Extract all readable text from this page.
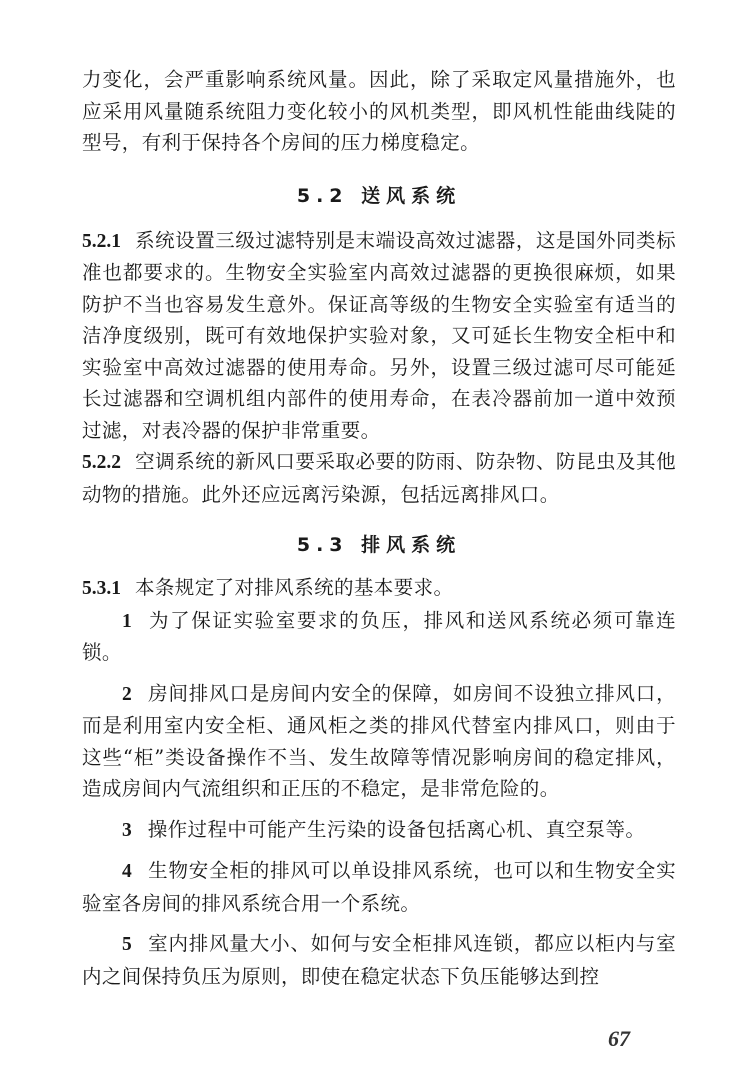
力变化，会严重影响系统风量。因此，除了采取定风量措施外，也应采用风量随系统阻力变化较小的风机类型，即风机性能曲线陡的型号，有利于保持各个房间的压力梯度稳定。

5.2 送风系统

5.2.1 系统设置三级过滤特别是末端设高效过滤器，这是国外同类标准也都要求的。生物安全实验室内高效过滤器的更换很麻烦，如果防护不当也容易发生意外。保证高等级的生物安全实验室有适当的洁净度级别，既可有效地保护实验对象，又可延长生物安全柜中和实验室中高效过滤器的使用寿命。另外，设置三级过滤可尽可能延长过滤器和空调机组内部件的使用寿命，在表冷器前加一道中效预过滤，对表冷器的保护非常重要。

5.2.2 空调系统的新风口要采取必要的防雨、防杂物、防昆虫及其他动物的措施。此外还应远离污染源，包括远离排风口。

5.3 排风系统

5.3.1 本条规定了对排风系统的基本要求。

1 为了保证实验室要求的负压，排风和送风系统必须可靠连锁。

2 房间排风口是房间内安全的保障，如房间不设独立排风口，而是利用室内安全柜、通风柜之类的排风代替室内排风口，则由于这些“柜”类设备操作不当、发生故障等情况影响房间的稳定排风，造成房间内气流组织和正压的不稳定，是非常危险的。

3 操作过程中可能产生污染的设备包括离心机、真空泵等。

4 生物安全柜的排风可以单设排风系统，也可以和生物安全实验室各房间的排风系统合用一个系统。

5 室内排风量大小、如何与安全柜排风连锁，都应以柜内与室内之间保持负压为原则，即使在稳定状态下负压能够达到控

67
